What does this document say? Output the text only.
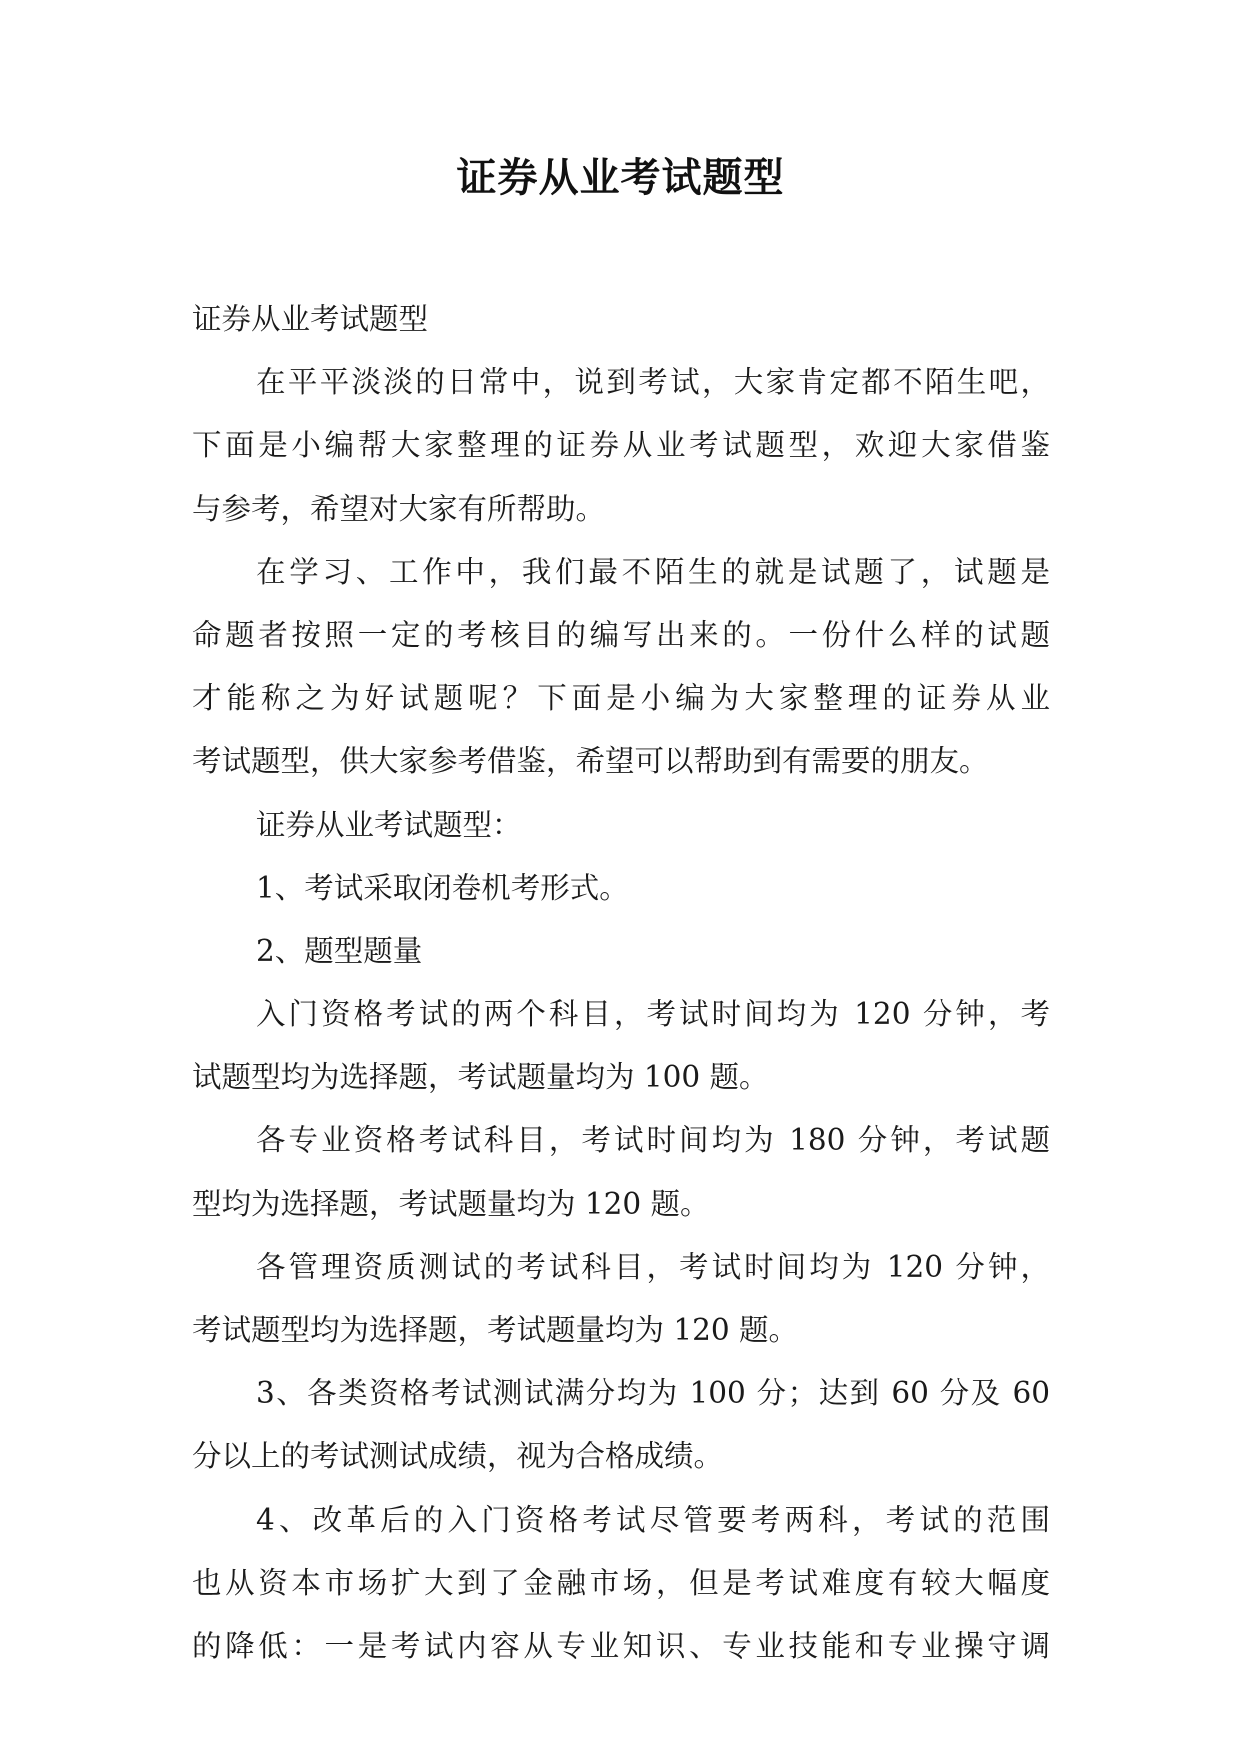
证券从业考试题型
证券从业考试题型
在平平淡淡的日常中，说到考试，大家肯定都不陌生吧，
下面是小编帮大家整理的证券从业考试题型，欢迎大家借鉴
与参考，希望对大家有所帮助。
在学习、工作中，我们最不陌生的就是试题了，试题是
命题者按照一定的考核目的编写出来的。一份什么样的试题
才能称之为好试题呢？下面是小编为大家整理的证券从业
考试题型，供大家参考借鉴，希望可以帮助到有需要的朋友。
证券从业考试题型：
1、考试采取闭卷机考形式。
2、题型题量
入门资格考试的两个科目，考试时间均为 120 分钟，考
试题型均为选择题，考试题量均为 100 题。
各专业资格考试科目，考试时间均为 180 分钟，考试题
型均为选择题，考试题量均为 120 题。
各管理资质测试的考试科目，考试时间均为 120 分钟，
考试题型均为选择题，考试题量均为 120 题。
3、各类资格考试测试满分均为 100 分；达到 60 分及 60
分以上的考试测试成绩，视为合格成绩。
4、改革后的入门资格考试尽管要考两科，考试的范围
也从资本市场扩大到了金融市场，但是考试难度有较大幅度
的降低：一是考试内容从专业知识、专业技能和专业操守调
